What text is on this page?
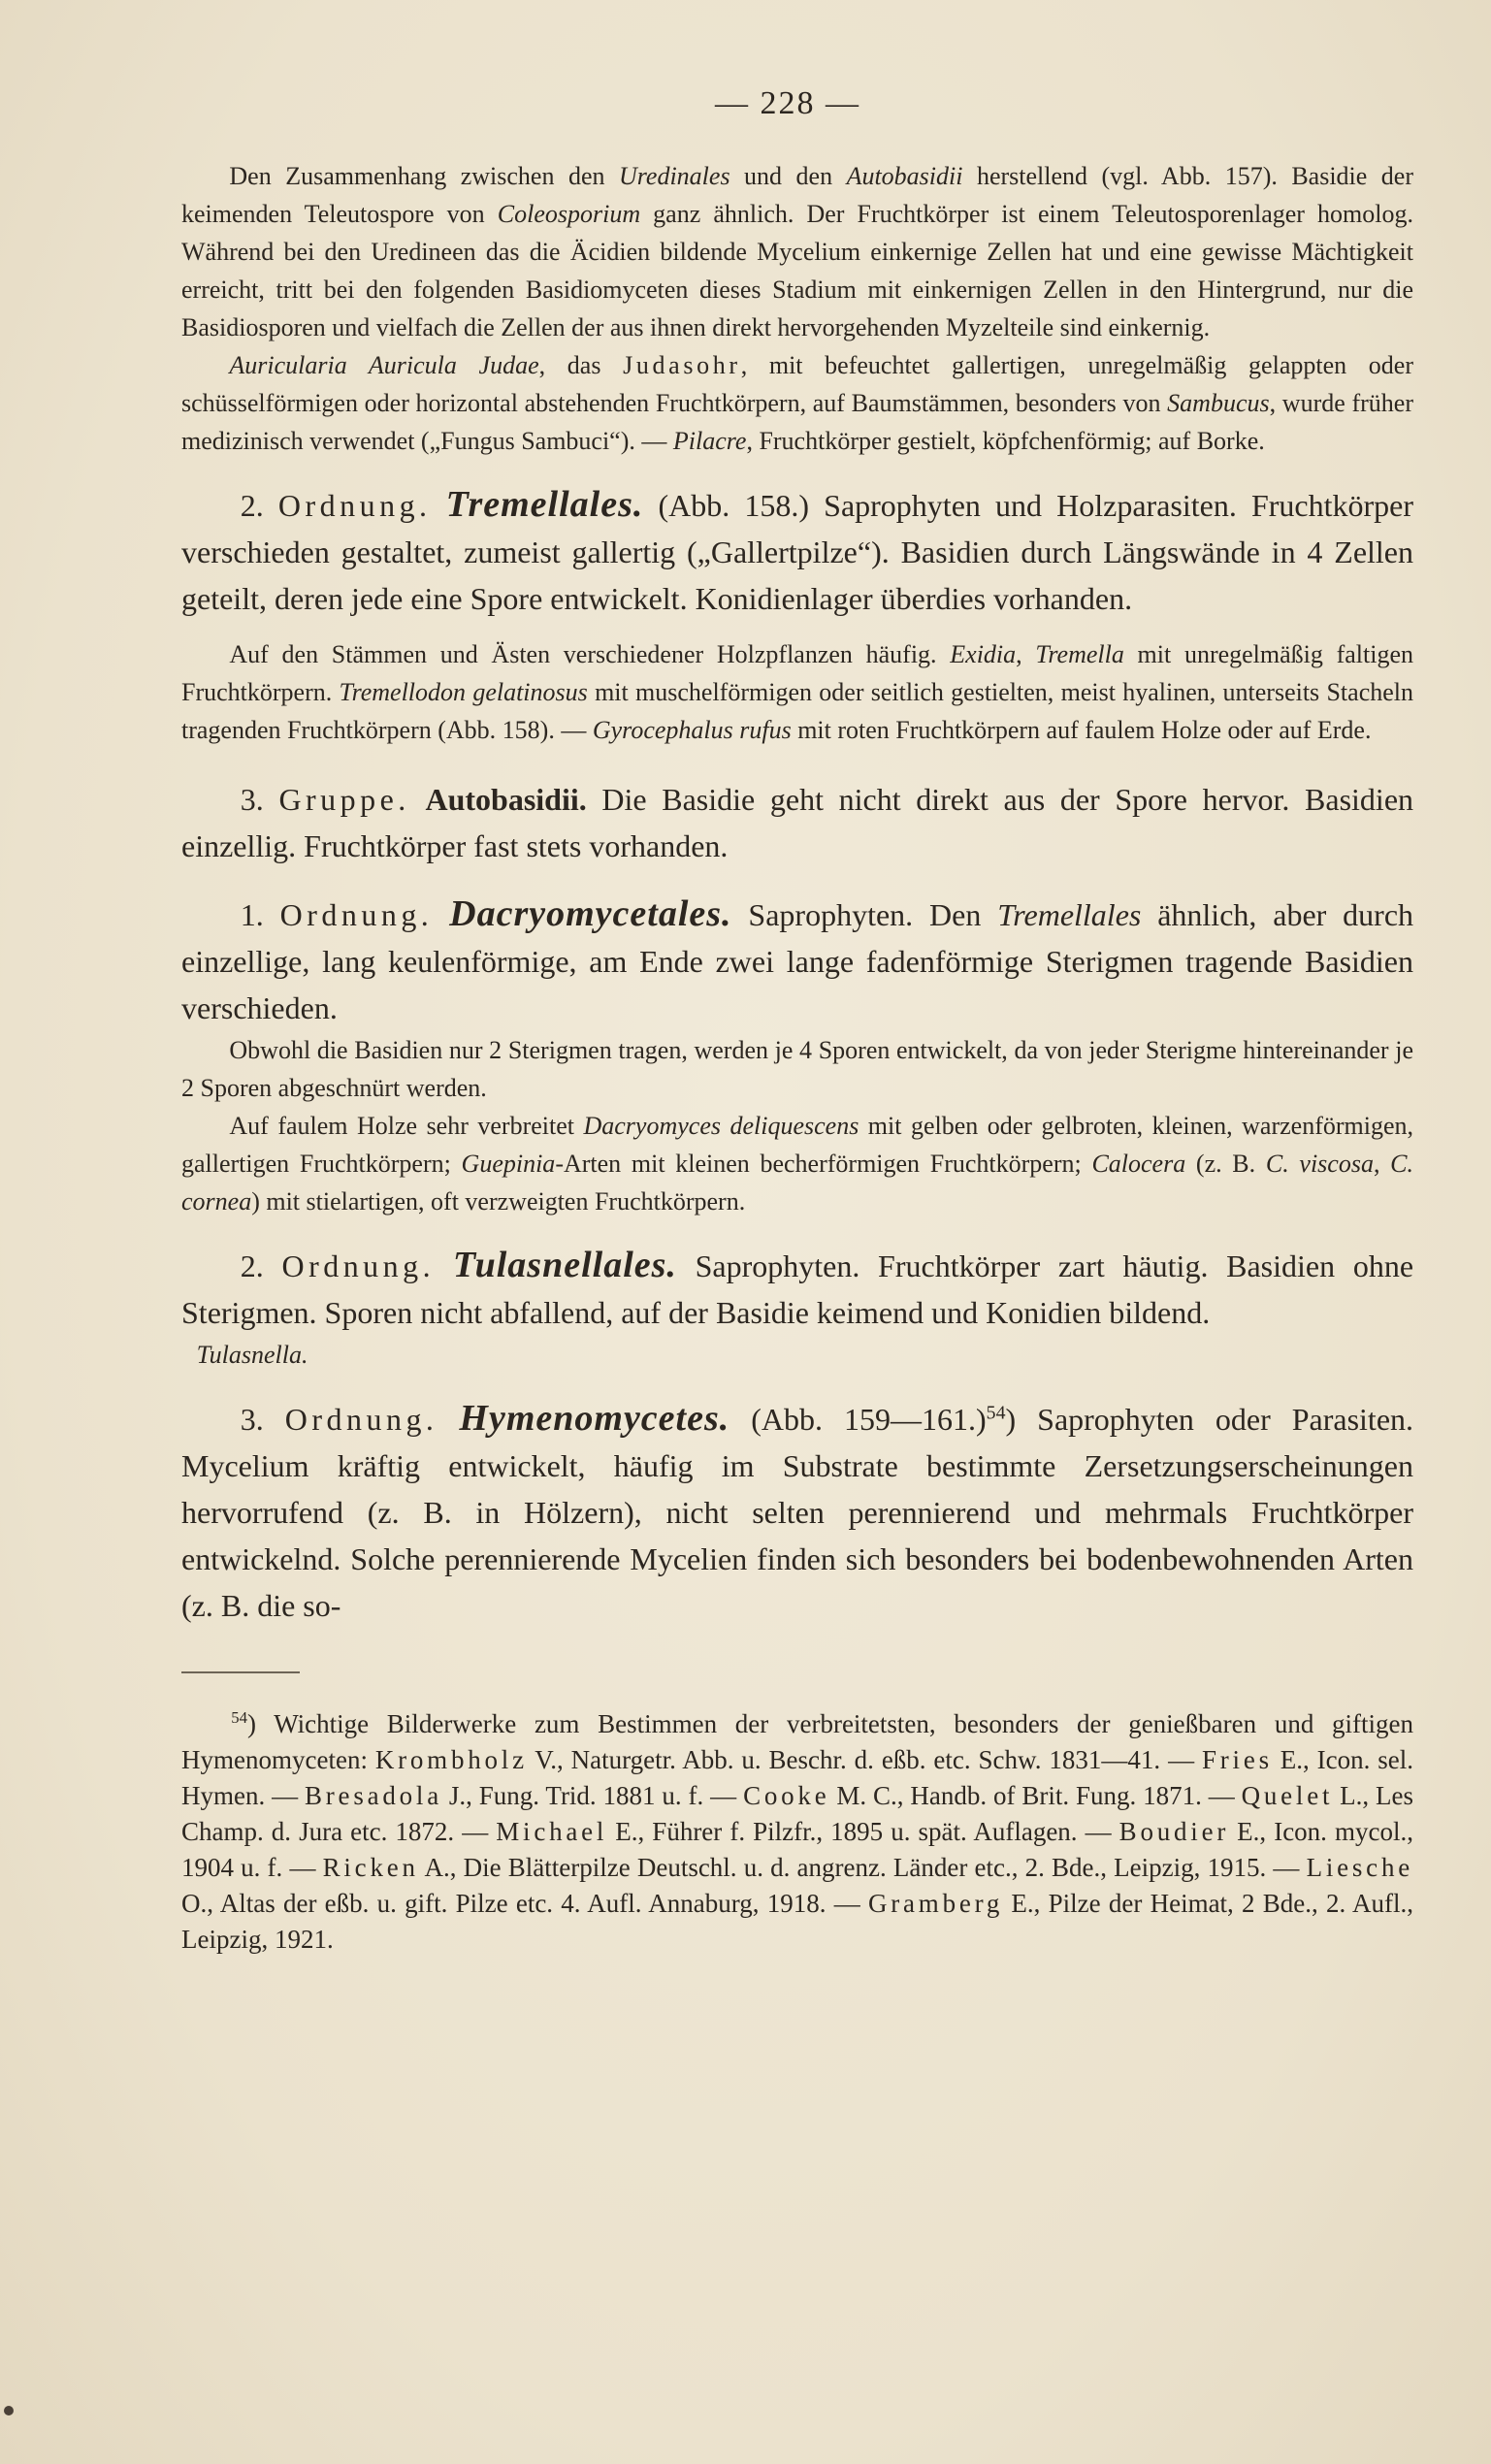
— 228 —

Den Zusammenhang zwischen den Uredinales und den Autobasidii herstellend (vgl. Abb. 157). Basidie der keimenden Teleutospore von Coleosporium ganz ähnlich. Der Fruchtkörper ist einem Teleutosporenlager homolog. Während bei den Uredineen das die Äcidien bildende Mycelium einkernige Zellen hat und eine gewisse Mächtigkeit erreicht, tritt bei den folgenden Basidiomyceten dieses Stadium mit einkernigen Zellen in den Hintergrund, nur die Basidiosporen und vielfach die Zellen der aus ihnen direkt hervorgehenden Myzelteile sind einkernig.

Auricularia Auricula Judae, das Judasohr, mit befeuchtet gallertigen, unregelmäßig gelappten oder schüsselförmigen oder horizontal abstehenden Fruchtkörpern, auf Baumstämmen, besonders von Sambucus, wurde früher medizinisch verwendet („Fungus Sambuci“). — Pilacre, Fruchtkörper gestielt, köpfchenförmig; auf Borke.

2. Ordnung. Tremellales. (Abb. 158.) Saprophyten und Holzparasiten. Fruchtkörper verschieden gestaltet, zumeist gallertig („Gallertpilze“). Basidien durch Längswände in 4 Zellen geteilt, deren jede eine Spore entwickelt. Konidienlager überdies vorhanden.

Auf den Stämmen und Ästen verschiedener Holzpflanzen häufig. Exidia, Tremella mit unregelmäßig faltigen Fruchtkörpern. Tremellodon gelatinosus mit muschelförmigen oder seitlich gestielten, meist hyalinen, unterseits Stacheln tragenden Fruchtkörpern (Abb. 158). — Gyrocephalus rufus mit roten Fruchtkörpern auf faulem Holze oder auf Erde.

3. Gruppe. Autobasidii. Die Basidie geht nicht direkt aus der Spore hervor. Basidien einzellig. Fruchtkörper fast stets vorhanden.

1. Ordnung. Dacryomycetales. Saprophyten. Den Tremellales ähnlich, aber durch einzellige, lang keulenförmige, am Ende zwei lange fadenförmige Sterigmen tragende Basidien verschieden.

Obwohl die Basidien nur 2 Sterigmen tragen, werden je 4 Sporen entwickelt, da von jeder Sterigme hintereinander je 2 Sporen abgeschnürt werden.

Auf faulem Holze sehr verbreitet Dacryomyces deliquescens mit gelben oder gelbroten, kleinen, warzenförmigen, gallertigen Fruchtkörpern; Guepinia-Arten mit kleinen becherförmigen Fruchtkörpern; Calocera (z. B. C. viscosa, C. cornea) mit stielartigen, oft verzweigten Fruchtkörpern.

2. Ordnung. Tulasnellales. Saprophyten. Fruchtkörper zart häutig. Basidien ohne Sterigmen. Sporen nicht abfallend, auf der Basidie keimend und Konidien bildend.

Tulasnella.

3. Ordnung. Hymenomycetes. (Abb. 159—161.)$^{54}$) Saprophyten oder Parasiten. Mycelium kräftig entwickelt, häufig im Substrate bestimmte Zersetzungserscheinungen hervorrufend (z. B. in Hölzern), nicht selten perennierend und mehrmals Fruchtkörper entwickelnd. Solche perennierende Mycelien finden sich besonders bei bodenbewohnenden Arten (z. B. die so-

$^{54}$) Wichtige Bilderwerke zum Bestimmen der verbreitetsten, besonders der genießbaren und giftigen Hymenomyceten: Krombholz V., Naturgetr. Abb. u. Beschr. d. eßb. etc. Schw. 1831—41. — Fries E., Icon. sel. Hymen. — Bresadola J., Fung. Trid. 1881 u. f. — Cooke M. C., Handb. of Brit. Fung. 1871. — Quelet L., Les Champ. d. Jura etc. 1872. — Michael E., Führer f. Pilzfr., 1895 u. spät. Auflagen. — Boudier E., Icon. mycol., 1904 u. f. — Ricken A., Die Blätterpilze Deutschl. u. d. angrenz. Länder etc., 2. Bde., Leipzig, 1915. — Liesche O., Altas der eßb. u. gift. Pilze etc. 4. Aufl. Annaburg, 1918. — Gramberg E., Pilze der Heimat, 2 Bde., 2. Aufl., Leipzig, 1921.
